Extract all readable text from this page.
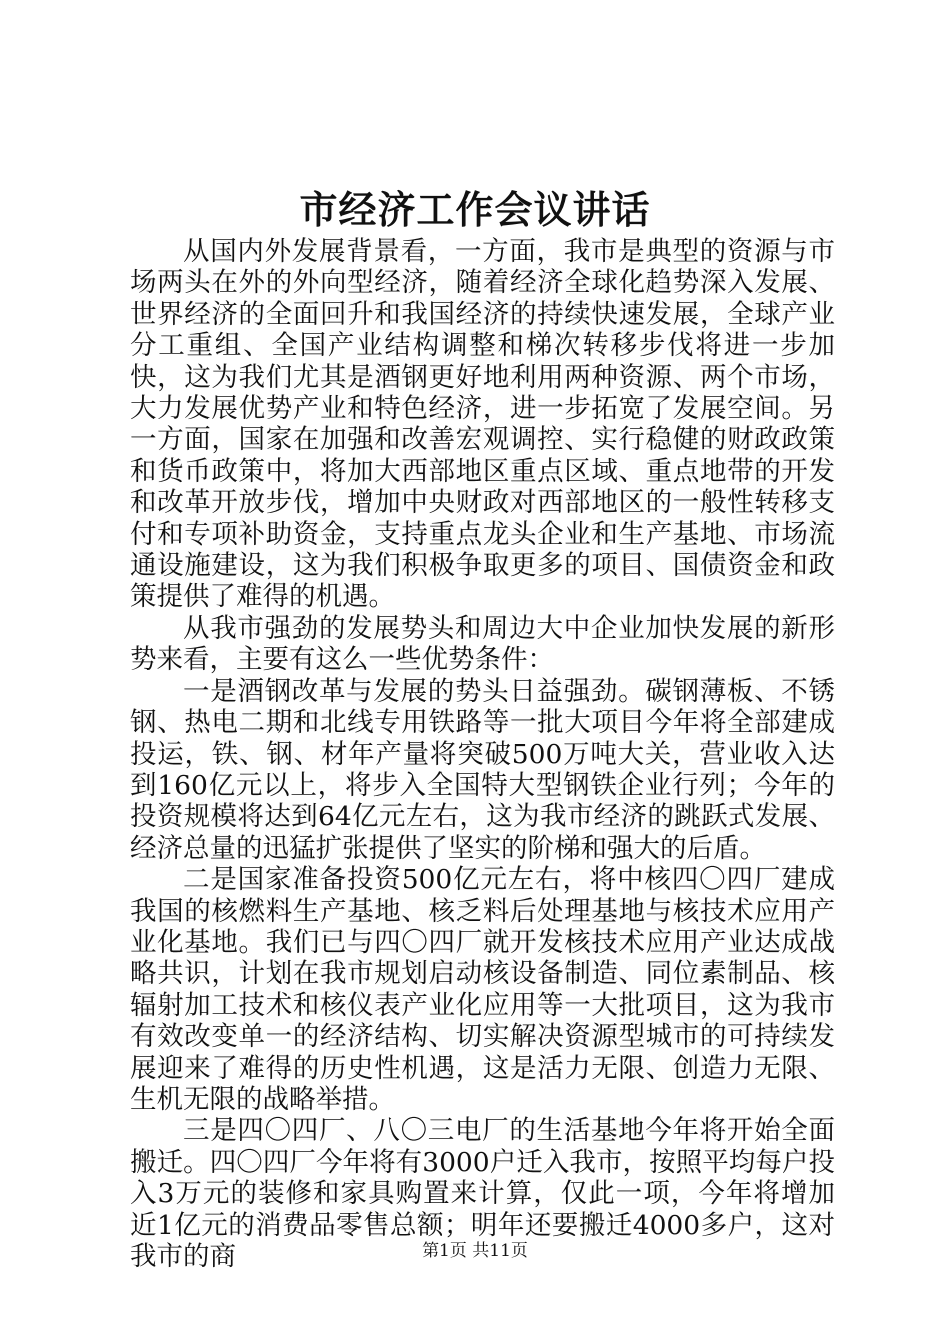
市经济工作会议讲话

从国内外发展背景看，一方面，我市是典型的资源与市场两头在外的外向型经济，随着经济全球化趋势深入发展、世界经济的全面回升和我国经济的持续快速发展，全球产业分工重组、全国产业结构调整和梯次转移步伐将进一步加快，这为我们尤其是酒钢更好地利用两种资源、两个市场，大力发展优势产业和特色经济，进一步拓宽了发展空间。另一方面，国家在加强和改善宏观调控、实行稳健的财政政策和货币政策中，将加大西部地区重点区域、重点地带的开发和改革开放步伐，增加中央财政对西部地区的一般性转移支付和专项补助资金，支持重点龙头企业和生产基地、市场流通设施建设，这为我们积极争取更多的项目、国债资金和政策提供了难得的机遇。

从我市强劲的发展势头和周边大中企业加快发展的新形势来看，主要有这么一些优势条件：

一是酒钢改革与发展的势头日益强劲。碳钢薄板、不锈钢、热电二期和北线专用铁路等一批大项目今年将全部建成投运，铁、钢、材年产量将突破500万吨大关，营业收入达到160亿元以上，将步入全国特大型钢铁企业行列；今年的投资规模将达到64亿元左右，这为我市经济的跳跃式发展、经济总量的迅猛扩张提供了坚实的阶梯和强大的后盾。

二是国家准备投资500亿元左右，将中核四〇四厂建成我国的核燃料生产基地、核乏料后处理基地与核技术应用产业化基地。我们已与四〇四厂就开发核技术应用产业达成战略共识，计划在我市规划启动核设备制造、同位素制品、核辐射加工技术和核仪表产业化应用等一大批项目，这为我市有效改变单一的经济结构、切实解决资源型城市的可持续发展迎来了难得的历史性机遇，这是活力无限、创造力无限、生机无限的战略举措。

三是四〇四厂、八〇三电厂的生活基地今年将开始全面搬迁。四〇四厂今年将有3000户迁入我市，按照平均每户投入3万元的装修和家具购置来计算，仅此一项，今年将增加近1亿元的消费品零售总额；明年还要搬迁4000多户，这对我市的商	第1页 共11页
